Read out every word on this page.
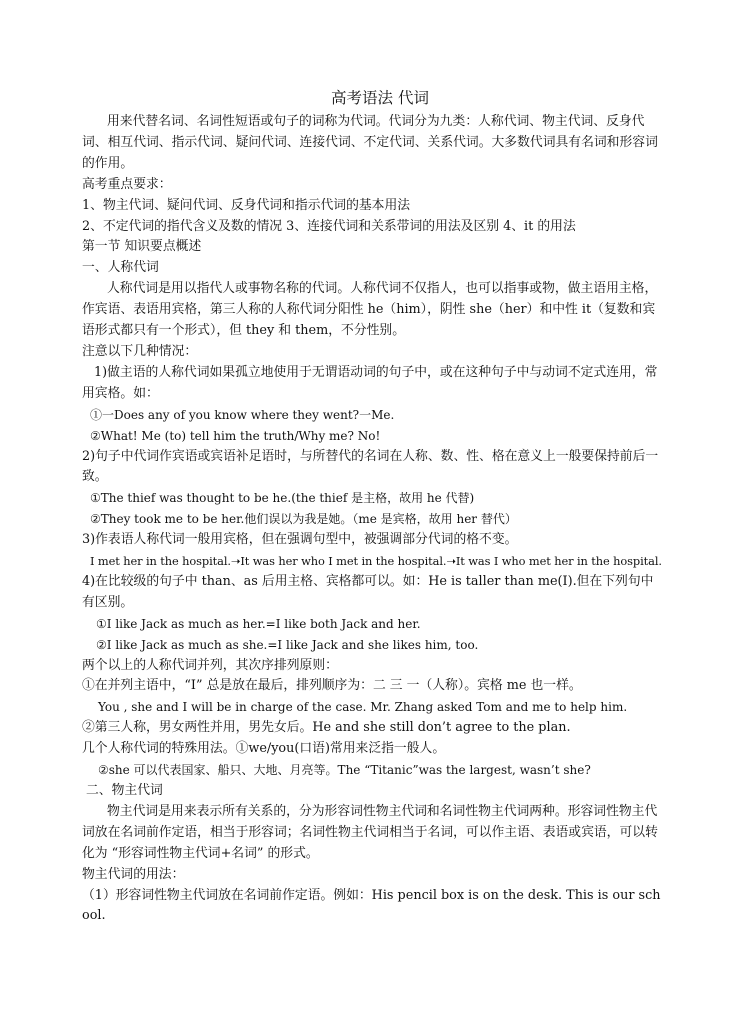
高考语法 代词

用来代替名词、名词性短语或句子的词称为代词。代词分为九类：人称代词、物主代词、反身代词、相互代词、指示代词、疑问代词、连接代词、不定代词、关系代词。大多数代词具有名词和形容词的作用。

高考重点要求：

1、物主代词、疑问代词、反身代词和指示代词的基本用法

2、不定代词的指代含义及数的情况 3、连接代词和关系带词的用法及区别 4、it 的用法

第一节 知识要点概述

一、人称代词

人称代词是用以指代人或事物名称的代词。人称代词不仅指人，也可以指事或物，做主语用主格，作宾语、表语用宾格，第三人称的人称代词分阳性 he（him），阴性 she（her）和中性 it（复数和宾语形式都只有一个形式），但 they 和 them，不分性别。

注意以下几种情况：

1)做主语的人称代词如果孤立地使用于无谓语动词的句子中，或在这种句子中与动词不定式连用，常用宾格。如：

①一Does any of you know where they went?一Me.

②What! Me (to) tell him the truth/Why me? No!

2)句子中代词作宾语或宾语补足语时，与所替代的名词在人称、数、性、格在意义上一般要保持前后一致。

①The thief was thought to be he.(the thief 是主格，故用 he 代替)

②They took me to be her.他们误以为我是她。（me 是宾格，故用 her 替代）

3)作表语人称代词一般用宾格，但在强调句型中，被强调部分代词的格不变。

I met her in the hospital.➝It was her who I met in the hospital.➝It was I who met her in the hospital.

4)在比较级的句子中 than、as 后用主格、宾格都可以。如：He is taller than me(I).但在下列句中有区别。

①I like Jack as much as her.=I like both Jack and her.

②I like Jack as much as she.=I like Jack and she likes him, too.

两个以上的人称代词并列，其次序排列原则：

①在并列主语中，“I” 总是放在最后，排列顺序为：二 三 一（人称）。宾格 me 也一样。

You , she and I will be in charge of the case. Mr. Zhang asked Tom and me to help him.

②第三人称，男女两性并用，男先女后。He and she still don’t agree to the plan.

几个人称代词的特殊用法。①we/you(口语)常用来泛指一般人。

②she 可以代表国家、船只、大地、月亮等。The “Titanic”was the largest, wasn’t she?

二、物主代词

物主代词是用来表示所有关系的，分为形容词性物主代词和名词性物主代词两种。形容词性物主代词放在名词前作定语，相当于形容词；名词性物主代词相当于名词，可以作主语、表语或宾语，可以转化为 “形容词性物主代词+名词” 的形式。

物主代词的用法：

（1）形容词性物主代词放在名词前作定语。例如：His pencil box is on the desk. This is our school.
